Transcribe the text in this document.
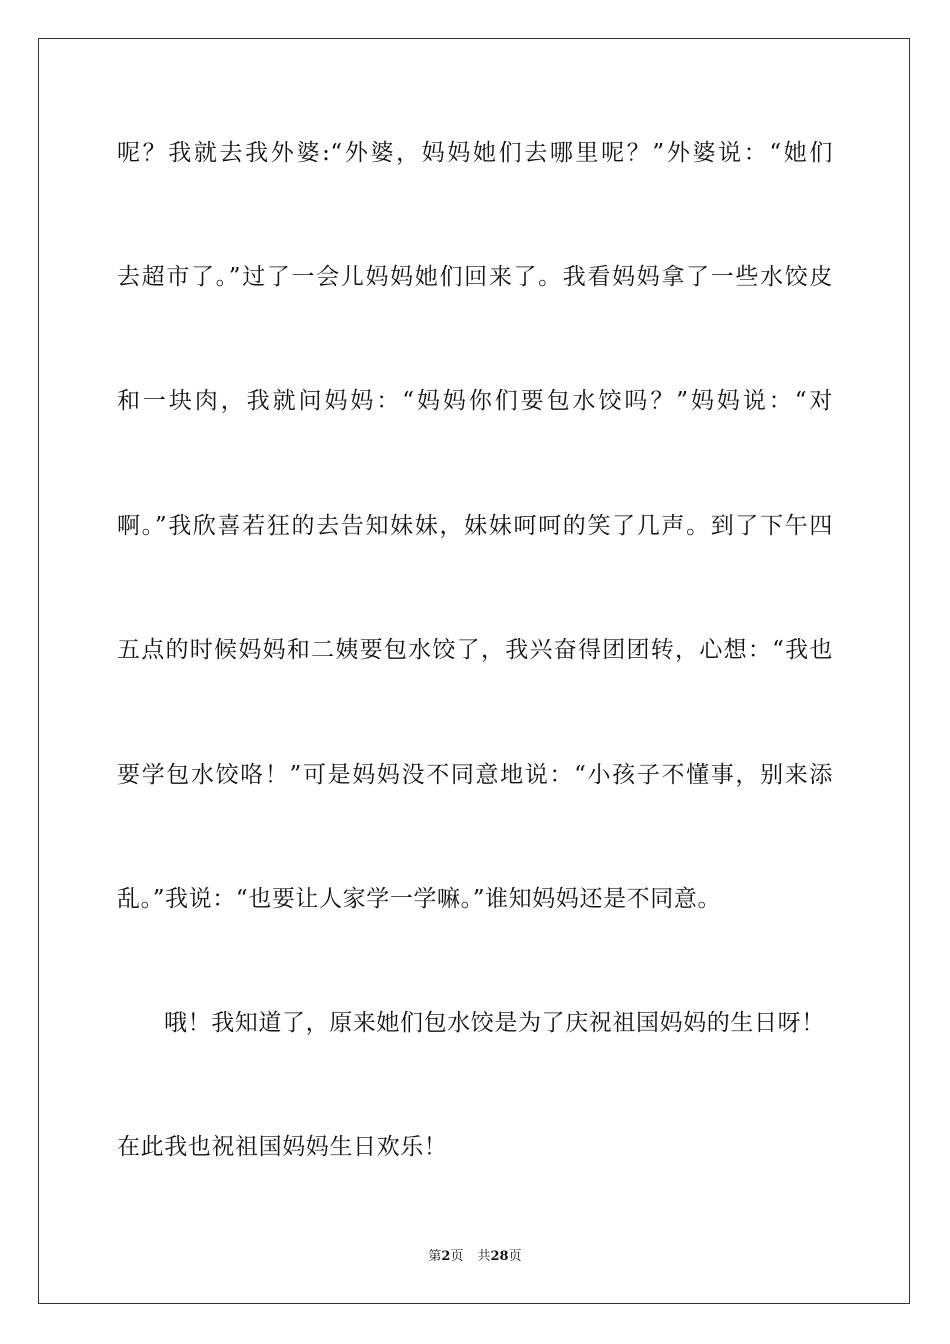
呢？我就去我外婆:“外婆，妈妈她们去哪里呢？”外婆说：“她们
去超市了。”过了一会儿妈妈她们回来了。我看妈妈拿了一些水饺皮
和一块肉，我就问妈妈：“妈妈你们要包水饺吗？”妈妈说：“对
啊。”我欣喜若狂的去告知妹妹，妹妹呵呵的笑了几声。到了下午四
五点的时候妈妈和二姨要包水饺了，我兴奋得团团转，心想：“我也
要学包水饺咯！”可是妈妈没不同意地说：“小孩子不懂事，别来添
乱。”我说：“也要让人家学一学嘛。”谁知妈妈还是不同意。
哦！我知道了，原来她们包水饺是为了庆祝祖国妈妈的生日呀！
在此我也祝祖国妈妈生日欢乐！
第2页 共28页
